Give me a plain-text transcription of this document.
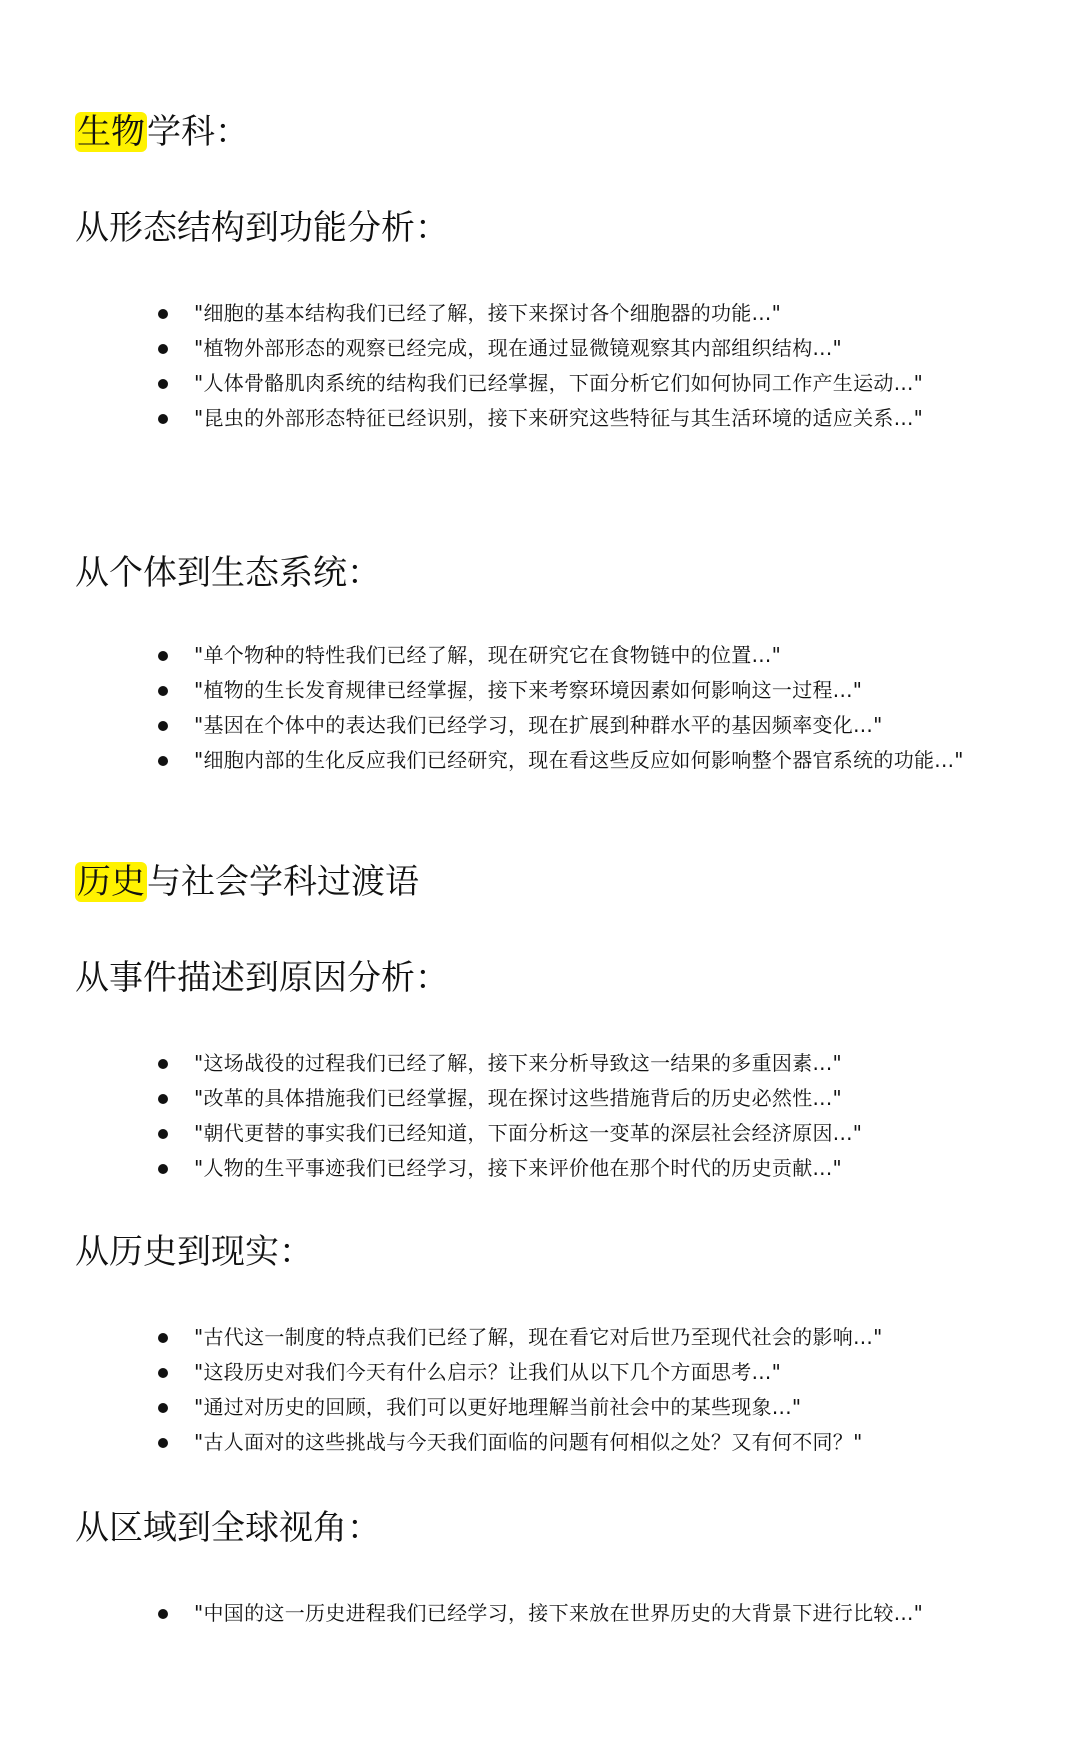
生物学科：
从形态结构到功能分析：
"细胞的基本结构我们已经了解，接下来探讨各个细胞器的功能..."
"植物外部形态的观察已经完成，现在通过显微镜观察其内部组织结构..."
"人体骨骼肌肉系统的结构我们已经掌握，下面分析它们如何协同工作产生运动..."
"昆虫的外部形态特征已经识别，接下来研究这些特征与其生活环境的适应关系..."
从个体到生态系统：
"单个物种的特性我们已经了解，现在研究它在食物链中的位置..."
"植物的生长发育规律已经掌握，接下来考察环境因素如何影响这一过程..."
"基因在个体中的表达我们已经学习，现在扩展到种群水平的基因频率变化..."
"细胞内部的生化反应我们已经研究，现在看这些反应如何影响整个器官系统的功能..."
历史与社会学科过渡语
从事件描述到原因分析：
"这场战役的过程我们已经了解，接下来分析导致这一结果的多重因素..."
"改革的具体措施我们已经掌握，现在探讨这些措施背后的历史必然性..."
"朝代更替的事实我们已经知道，下面分析这一变革的深层社会经济原因..."
"人物的生平事迹我们已经学习，接下来评价他在那个时代的历史贡献..."
从历史到现实：
"古代这一制度的特点我们已经了解，现在看它对后世乃至现代社会的影响..."
"这段历史对我们今天有什么启示？让我们从以下几个方面思考..."
"通过对历史的回顾，我们可以更好地理解当前社会中的某些现象..."
"古人面对的这些挑战与今天我们面临的问题有何相似之处？又有何不同？"
从区域到全球视角：
"中国的这一历史进程我们已经学习，接下来放在世界历史的大背景下进行比较..."
